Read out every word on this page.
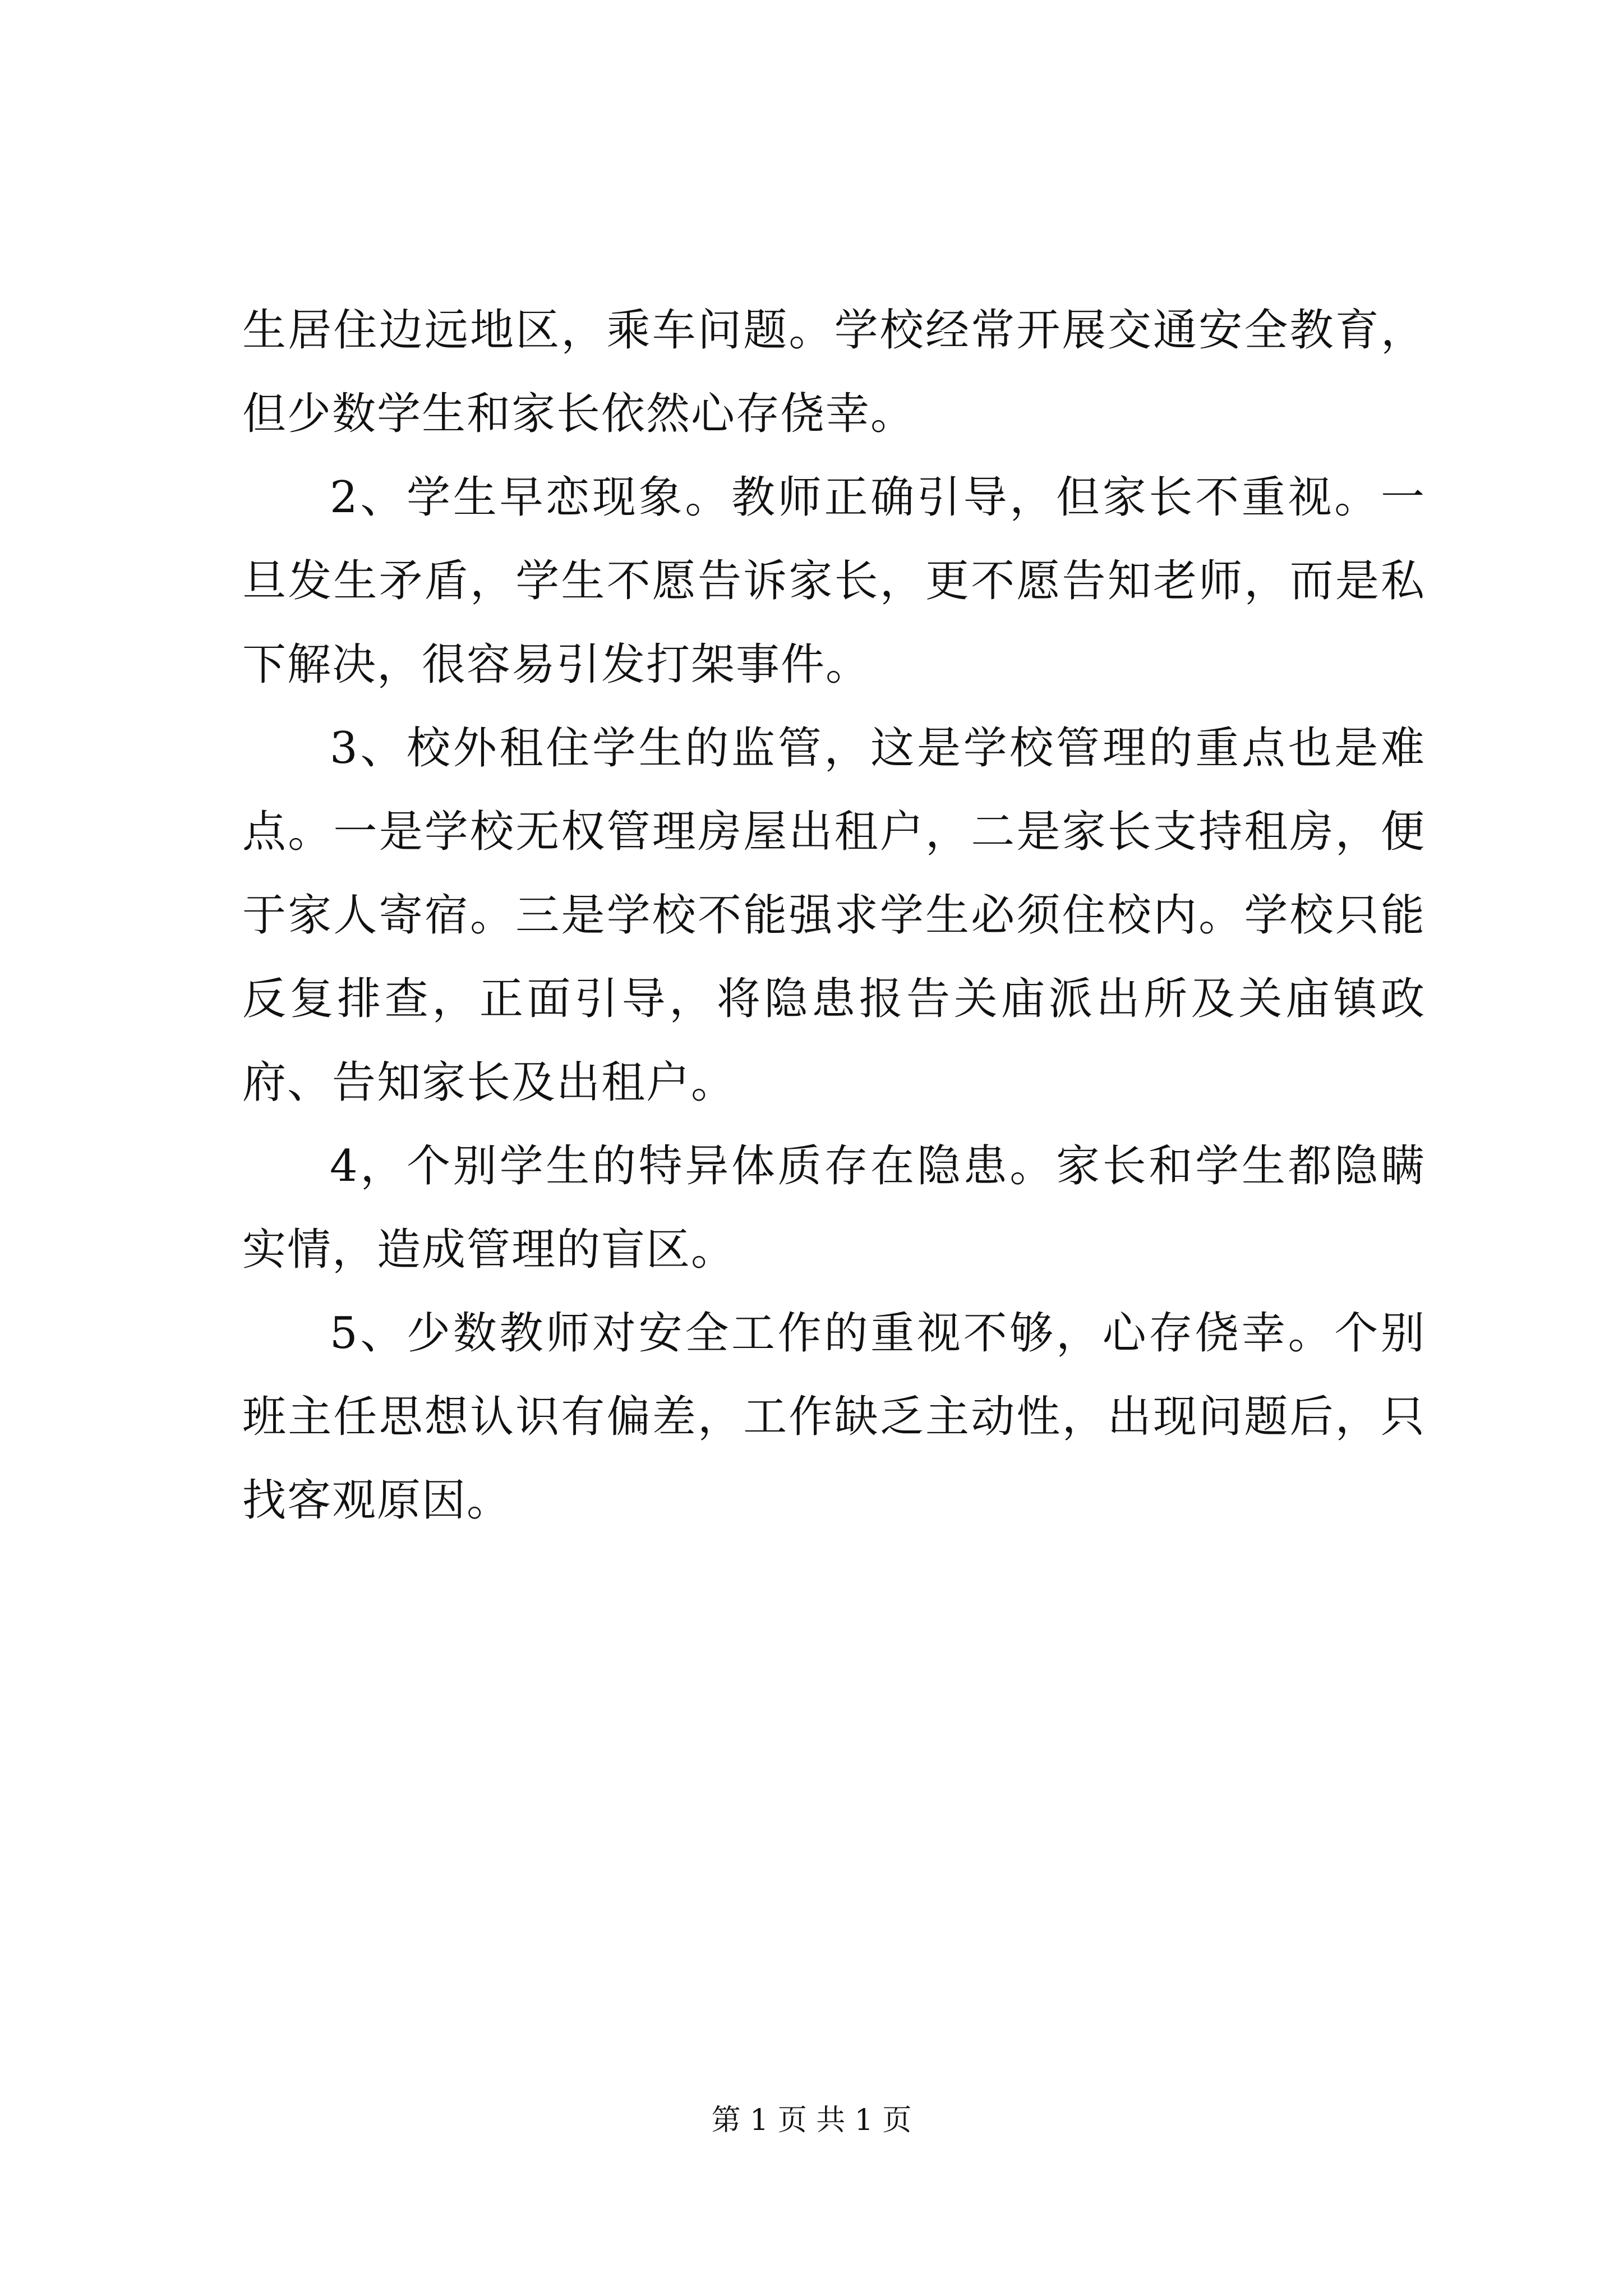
生居住边远地区，乘车问题。学校经常开展交通安全教育，但少数学生和家长依然心存侥幸。

2、学生早恋现象。教师正确引导，但家长不重视。一旦发生矛盾，学生不愿告诉家长，更不愿告知老师，而是私下解决，很容易引发打架事件。

3、校外租住学生的监管，这是学校管理的重点也是难点。一是学校无权管理房屋出租户，二是家长支持租房，便于家人寄宿。三是学校不能强求学生必须住校内。学校只能反复排查，正面引导，将隐患报告关庙派出所及关庙镇政府、告知家长及出租户。

4，个别学生的特异体质存在隐患。家长和学生都隐瞒实情，造成管理的盲区。

5、少数教师对安全工作的重视不够，心存侥幸。个别班主任思想认识有偏差，工作缺乏主动性，出现问题后，只找客观原因。

第 1 页 共 1 页
